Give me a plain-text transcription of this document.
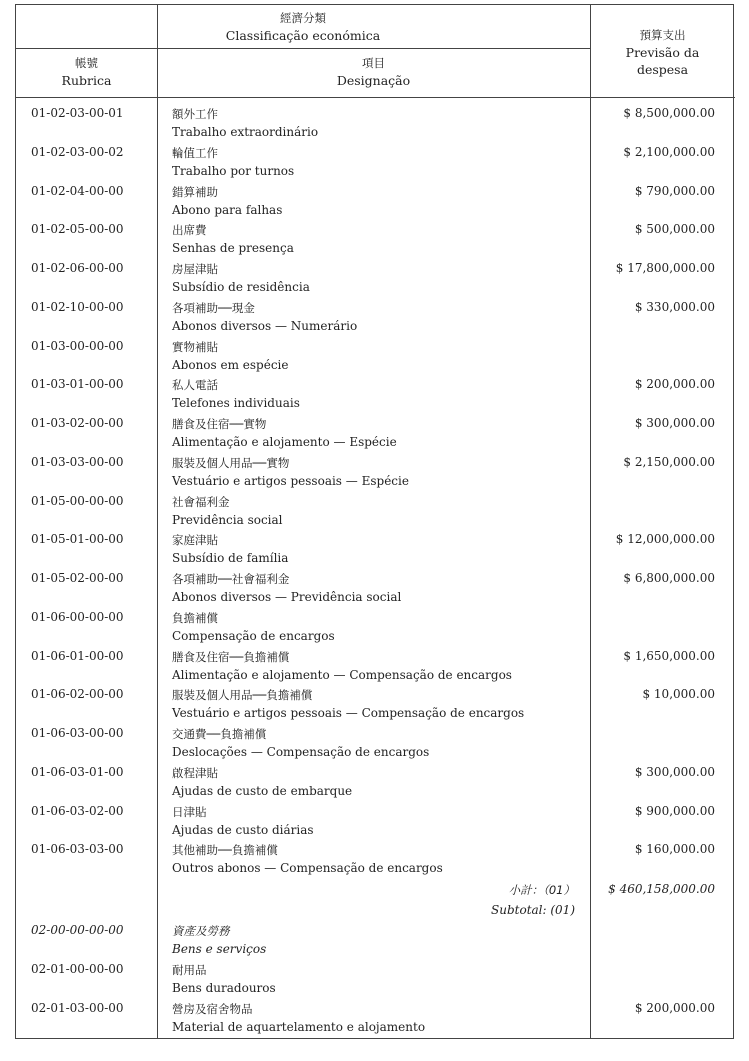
經濟分類
Classificação económica
帳號
Rubrica
項目
Designação
預算支出
Previsão da
despesa
01-02-03-00-01	額外工作
Trabalho extraordinário
$ 8,500,000.00
01-02-03-00-02	輪值工作
Trabalho por turnos
$ 2,100,000.00
01-02-04-00-00	錯算補助
Abono para falhas
$ 790,000.00
01-02-05-00-00	出席費
Senhas de presença
$ 500,000.00
01-02-06-00-00	房屋津貼
Subsídio de residência
$ 17,800,000.00
01-02-10-00-00	各項補助──現金
Abonos diversos — Numerário
$ 330,000.00
01-03-00-00-00	實物補貼
Abonos em espécie
01-03-01-00-00	私人電話
Telefones individuais
$ 200,000.00
01-03-02-00-00	膳食及住宿──實物
Alimentação e alojamento — Espécie
$ 300,000.00
01-03-03-00-00	服裝及個人用品──實物
Vestuário e artigos pessoais — Espécie
$ 2,150,000.00
01-05-00-00-00	社會福利金
Previdência social
01-05-01-00-00	家庭津貼
Subsídio de família
$ 12,000,000.00
01-05-02-00-00	各項補助──社會福利金
Abonos diversos — Previdência social
$ 6,800,000.00
01-06-00-00-00	負擔補償
Compensação de encargos
01-06-01-00-00	膳食及住宿──負擔補償
Alimentação e alojamento — Compensação de encargos
$ 1,650,000.00
01-06-02-00-00	服裝及個人用品──負擔補償
Vestuário e artigos pessoais — Compensação de encargos
$ 10,000.00
01-06-03-00-00	交通費──負擔補償
Deslocações — Compensação de encargos
01-06-03-01-00	啟程津貼
Ajudas de custo de embarque
$ 300,000.00
01-06-03-02-00	日津貼
Ajudas de custo diárias
$ 900,000.00
01-06-03-03-00	其他補助──負擔補償
Outros abonos — Compensação de encargos
$ 160,000.00
小計：（01）
Subtotal: (01)
$ 460,158,000.00
02-00-00-00-00	資產及勞務
Bens e serviços
02-01-00-00-00	耐用品
Bens duradouros
02-01-03-00-00	營房及宿舍物品
Material de aquartelamento e alojamento
$ 200,000.00
